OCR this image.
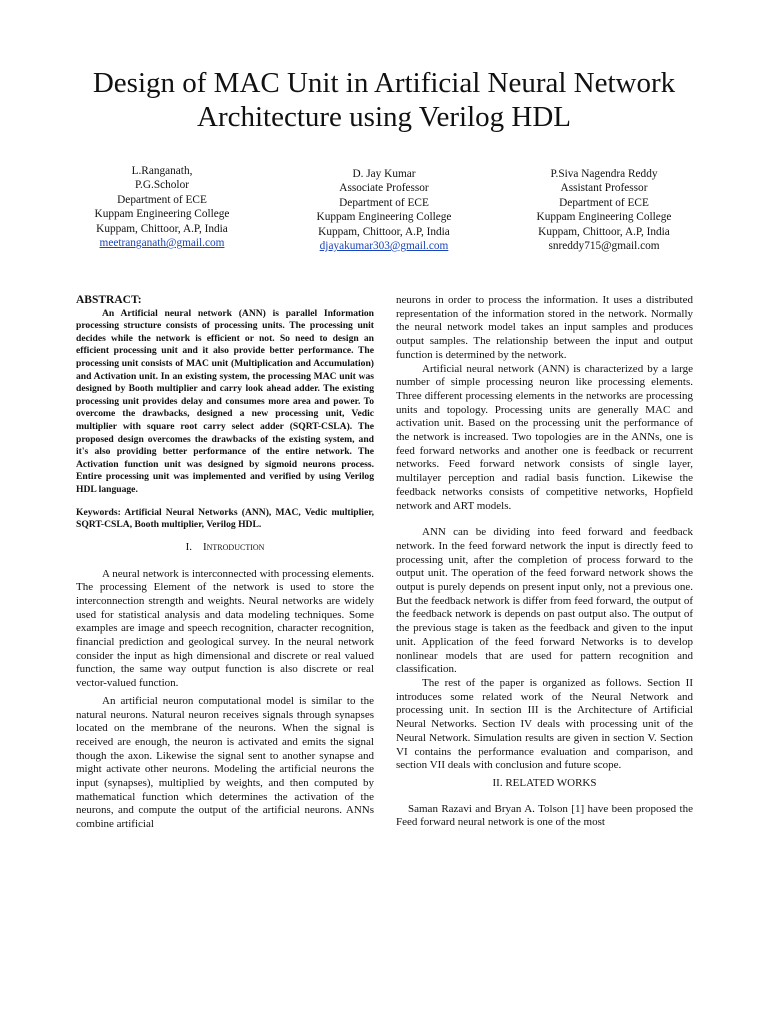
Design of MAC Unit in Artificial Neural Network
Architecture using Verilog HDL
L.Ranganath,
P.G.Scholor
Department of ECE
Kuppam Engineering College
Kuppam, Chittoor, A.P, India
meetranganath@gmail.com
D. Jay Kumar
Associate Professor
Department of ECE
Kuppam Engineering College
Kuppam, Chittoor, A.P, India
djayakumar303@gmail.com
P.Siva Nagendra Reddy
Assistant Professor
Department of ECE
Kuppam Engineering College
Kuppam, Chittoor, A.P, India
snreddy715@gmail.com

ABSTRACT:

An Artificial neural network (ANN) is parallel Information processing structure consists of processing units. The processing unit decides while the network is efficient or not. So need to design an efficient processing unit and it also provide better performance. The processing unit consists of MAC unit (Multiplication and Accumulation) and Activation unit. In an existing system, the processing MAC unit was designed by Booth multiplier and carry look ahead adder. The existing processing unit provides delay and consumes more area and power. To overcome the drawbacks, designed a new processing unit, Vedic multiplier with square root carry select adder (SQRT-CSLA). The proposed design overcomes the drawbacks of the existing system, and it's also providing better performance of the entire network. The Activation function unit was designed by sigmoid neurons process. Entire processing unit was implemented and verified by using Verilog HDL language.

Keywords: Artificial Neural Networks (ANN), MAC, Vedic multiplier, SQRT-CSLA, Booth multiplier, Verilog HDL.

I. Introduction

A neural network is interconnected with processing elements. The processing Element of the network is used to store the interconnection strength and weights. Neural networks are widely used for statistical analysis and data modeling techniques. Some examples are image and speech recognition, character recognition, financial prediction and geological survey. In the neural network consider the input as high dimensional and discrete or real valued function, the same way output function is also discrete or real vector-valued function.

An artificial neuron computational model is similar to the natural neurons. Natural neuron receives signals through synapses located on the membrane of the neurons. When the signal is received are enough, the neuron is activated and emits the signal though the axon. Likewise the signal sent to another synapse and might activate other neurons. Modeling the artificial neurons the input (synapses), multiplied by weights, and then computed by mathematical function which determines the activation of the neurons, and compute the output of the artificial neurons. ANNs combine artificial

neurons in order to process the information. It uses a distributed representation of the information stored in the network. Normally the neural network model takes an input samples and produces output samples. The relationship between the input and output function is determined by the network.

Artificial neural network (ANN) is characterized by a large number of simple processing neuron like processing elements. Three different processing elements in the networks are processing units and topology. Processing units are generally MAC and activation unit. Based on the processing unit the performance of the network is increased. Two topologies are in the ANNs, one is feed forward networks and another one is feedback or recurrent networks. Feed forward network consists of single layer, multilayer perception and radial basis function. Likewise the feedback networks consists of competitive networks, Hopfield network and ART models.

ANN can be dividing into feed forward and feedback network. In the feed forward network the input is directly feed to processing unit, after the completion of process forward to the output unit. The operation of the feed forward network shows the output is purely depends on present input only, not a previous one. But the feedback network is differ from feed forward, the output of the feedback network is depends on past output also. The output of the previous stage is taken as the feedback and given to the input unit. Application of the feed forward Networks is to develop nonlinear models that are used for pattern recognition and classification.

The rest of the paper is organized as follows. Section II introduces some related work of the Neural Network and processing unit. In section III is the Architecture of Artificial Neural Networks. Section IV deals with processing unit of the Neural Network. Simulation results are given in section V. Section VI contains the performance evaluation and comparison, and section VII deals with conclusion and future scope.

II. RELATED WORKS

Saman Razavi and Bryan A. Tolson [1] have been proposed the Feed forward neural network is one of the most
